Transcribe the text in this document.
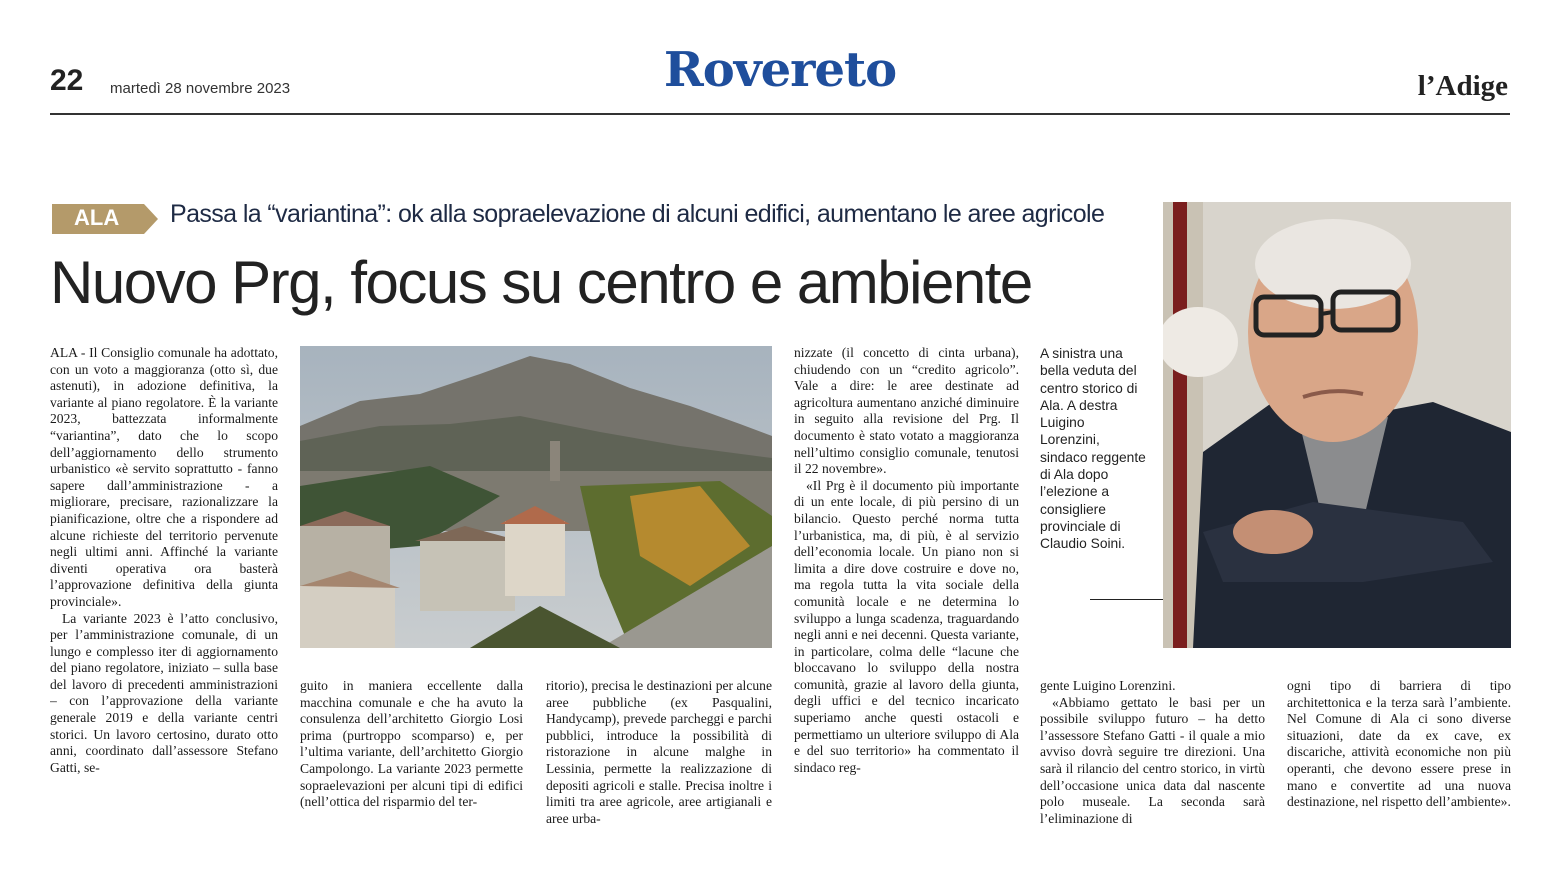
22 martedì 28 novembre 2023	Rovereto	l’Adige
ALA Passa la “variantina”: ok alla sopraelevazione di alcuni edifici, aumentano le aree agricole
Nuovo Prg, focus su centro e ambiente

ALA - Il Consiglio comunale ha adottato, con un voto a maggioranza (otto sì, due astenuti), in adozione definitiva, la variante al piano regolatore. È la variante 2023, battezzata informalmente “variantina”, dato che lo scopo dell’aggiornamento dello strumento urbanistico «è servito soprattutto - fanno sapere dall’amministrazione - a migliorare, precisare, razionalizzare la pianificazione, oltre che a rispondere ad alcune richieste del territorio pervenute negli ultimi anni. Affinché la variante diventi operativa ora basterà l’approvazione definitiva della giunta provinciale».

La variante 2023 è l’atto conclusivo, per l’amministrazione comunale, di un lungo e complesso iter di aggiornamento del piano regolatore, iniziato – sulla base del lavoro di precedenti amministrazioni – con l’approvazione della variante generale 2019 e della variante centri storici. Un lavoro certosino, durato otto anni, coordinato dall’assessore Stefano Gatti, se-

guito in maniera eccellente dalla macchina comunale e che ha avuto la consulenza dell’architetto Giorgio Losi prima (purtroppo scomparso) e, per l’ultima variante, dell’architetto Giorgio Campolongo. La variante 2023 permette sopraelevazioni per alcuni tipi di edifici (nell’ottica del risparmio del ter-

ritorio), precisa le destinazioni per alcune aree pubbliche (ex Pasqualini, Handycamp), prevede parcheggi e parchi pubblici, introduce la possibilità di ristorazione in alcune malghe in Lessinia, permette la realizzazione di depositi agricoli e stalle. Precisa inoltre i limiti tra aree agricole, aree artigianali e aree urba-

nizzate (il concetto di cinta urbana), chiudendo con un “credito agricolo”. Vale a dire: le aree destinate ad agricoltura aumentano anziché diminuire in seguito alla revisione del Prg. Il documento è stato votato a maggioranza nell’ultimo consiglio comunale, tenutosi il 22 novembre».

«Il Prg è il documento più importante di un ente locale, di più persino di un bilancio. Questo perché norma tutta l’urbanistica, ma, di più, è al servizio dell’economia locale. Un piano non si limita a dire dove costruire e dove no, ma regola tutta la vita sociale della comunità locale e ne determina lo sviluppo a lunga scadenza, traguardando negli anni e nei decenni. Questa variante, in particolare, colma delle “lacune che bloccavano lo sviluppo della nostra comunità, grazie al lavoro della giunta, degli uffici e del tecnico incaricato superiamo anche questi ostacoli e permettiamo un ulteriore sviluppo di Ala e del suo territorio» ha commentato il sindaco reg-

A sinistra una bella veduta del centro storico di Ala. A destra Luigino Lorenzini, sindaco reggente di Ala dopo l’elezione a consigliere provinciale di Claudio Soini.

gente Luigino Lorenzini.

«Abbiamo gettato le basi per un possibile sviluppo futuro – ha detto l’assessore Stefano Gatti - il quale a mio avviso dovrà seguire tre direzioni. Una sarà il rilancio del centro storico, in virtù dell’occasione unica data dal nascente polo museale. La seconda sarà l’eliminazione di

ogni tipo di barriera di tipo architettonica e la terza sarà l’ambiente. Nel Comune di Ala ci sono diverse situazioni, date da ex cave, ex discariche, attività economiche non più operanti, che devono essere prese in mano e convertite ad una nuova destinazione, nel rispetto dell’ambiente».
